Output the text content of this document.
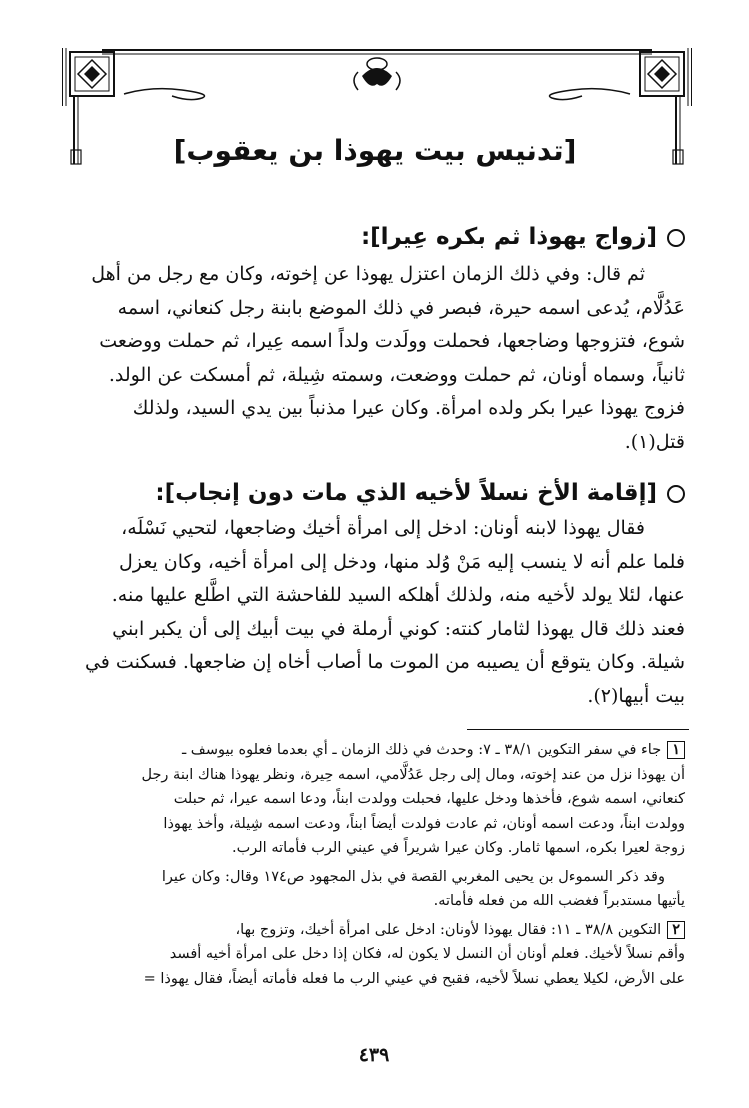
[تدنيس بيت يهوذا بن يعقوب]
[زواج يهوذا ثم بكره عِيرا]:

ثم قال: وفي ذلك الزمان اعتزل يهوذا عن إخوته، وكان مع رجل من أهل

عَدُلَّام، يُدعى اسمه حيرة، فبصر في ذلك الموضع بابنة رجل كنعاني، اسمه

شوع، فتزوجها وضاجعها، فحملت وولَدت ولداً اسمه عِيرا، ثم حملت ووضعت

ثانياً، وسماه أونان، ثم حملت ووضعت، وسمته شِيلة، ثم أمسكت عن الولد.

فزوج يهوذا عيرا بكر ولده امرأة. وكان عيرا مذنباً بين يدي السيد، ولذلك

قتل(١).

[إقامة الأخ نسلاً لأخيه الذي مات دون إنجاب]:

فقال يهوذا لابنه أونان: ادخل إلى امرأة أخيك وضاجعها، لتحيي نَسْلَه،

فلما علم أنه لا ينسب إليه مَنْ وُلد منها، ودخل إلى امرأة أخيه، وكان يعزل

عنها، لئلا يولد لأخيه منه، ولذلك أهلكه السيد للفاحشة التي اطَّلع عليها منه.

فعند ذلك قال يهوذا لثامار كنته: كوني أرملة في بيت أبيك إلى أن يكبر ابني

شيلة. وكان يتوقع أن يصيبه من الموت ما أصاب أخاه إن ضاجعها. فسكنت في

بيت أبيها(٢).

١جاء في سفر التكوين ٣٨/١ ـ ٧: وحدث في ذلك الزمان ـ أي بعدما فعلوه بيوسف ـ
أن يهوذا نزل من عند إخوته، ومال إلى رجل عَدُلَّامي، اسمه حِيرة، ونظر يهوذا هناك ابنة رجل
كنعاني، اسمه شوع، فأخذها ودخل عليها، فحبلت وولدت ابناً، ودعا اسمه عيرا، ثم حبلت
وولدت ابناً، ودعت اسمه أونان، ثم عادت فولدت أيضاً ابناً، ودعت اسمه شِيلة، وأخذ يهوذا
زوجة لعيرا بكره، اسمها ثامار. وكان عيرا شريراً في عيني الرب فأماته الرب.

وقد ذكر السموءل بن يحيى المغربي القصة في بذل المجهود ص١٧٤ وقال: وكان عيرا
يأتيها مستدبراً فغضب الله من فعله فأماته.

٢التكوين ٣٨/٨ ـ ١١: فقال يهوذا لأونان: ادخل على امرأة أخيك، وتزوج بها،
وأقم نسلاً لأخيك. فعلم أونان أن النسل لا يكون له، فكان إذا دخل على امرأة أخيه أفسد
على الأرض، لكيلا يعطي نسلاً لأخيه، فقبح في عيني الرب ما فعله فأماته أيضاً، فقال يهوذا =

٤٣٩
